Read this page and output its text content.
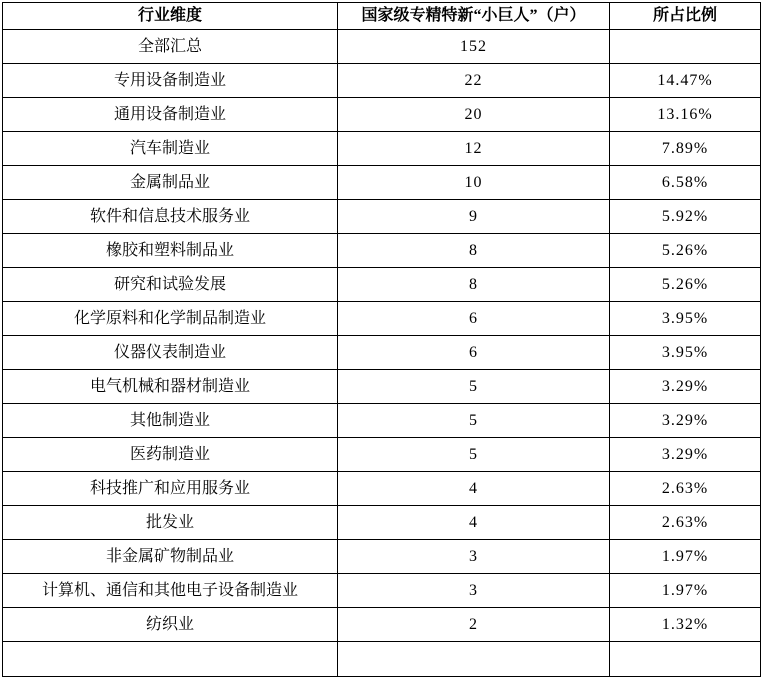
行业维度	国家级专精特新“小巨人”（户）	所占比例
全部汇总	152	
专用设备制造业	22	14.47%
通用设备制造业	20	13.16%
汽车制造业	12	7.89%
金属制品业	10	6.58%
软件和信息技术服务业	9	5.92%
橡胶和塑料制品业	8	5.26%
研究和试验发展	8	5.26%
化学原料和化学制品制造业	6	3.95%
仪器仪表制造业	6	3.95%
电气机械和器材制造业	5	3.29%
其他制造业	5	3.29%
医药制造业	5	3.29%
科技推广和应用服务业	4	2.63%
批发业	4	2.63%
非金属矿物制品业	3	1.97%
计算机、通信和其他电子设备制造业	3	1.97%
纺织业	2	1.32%
